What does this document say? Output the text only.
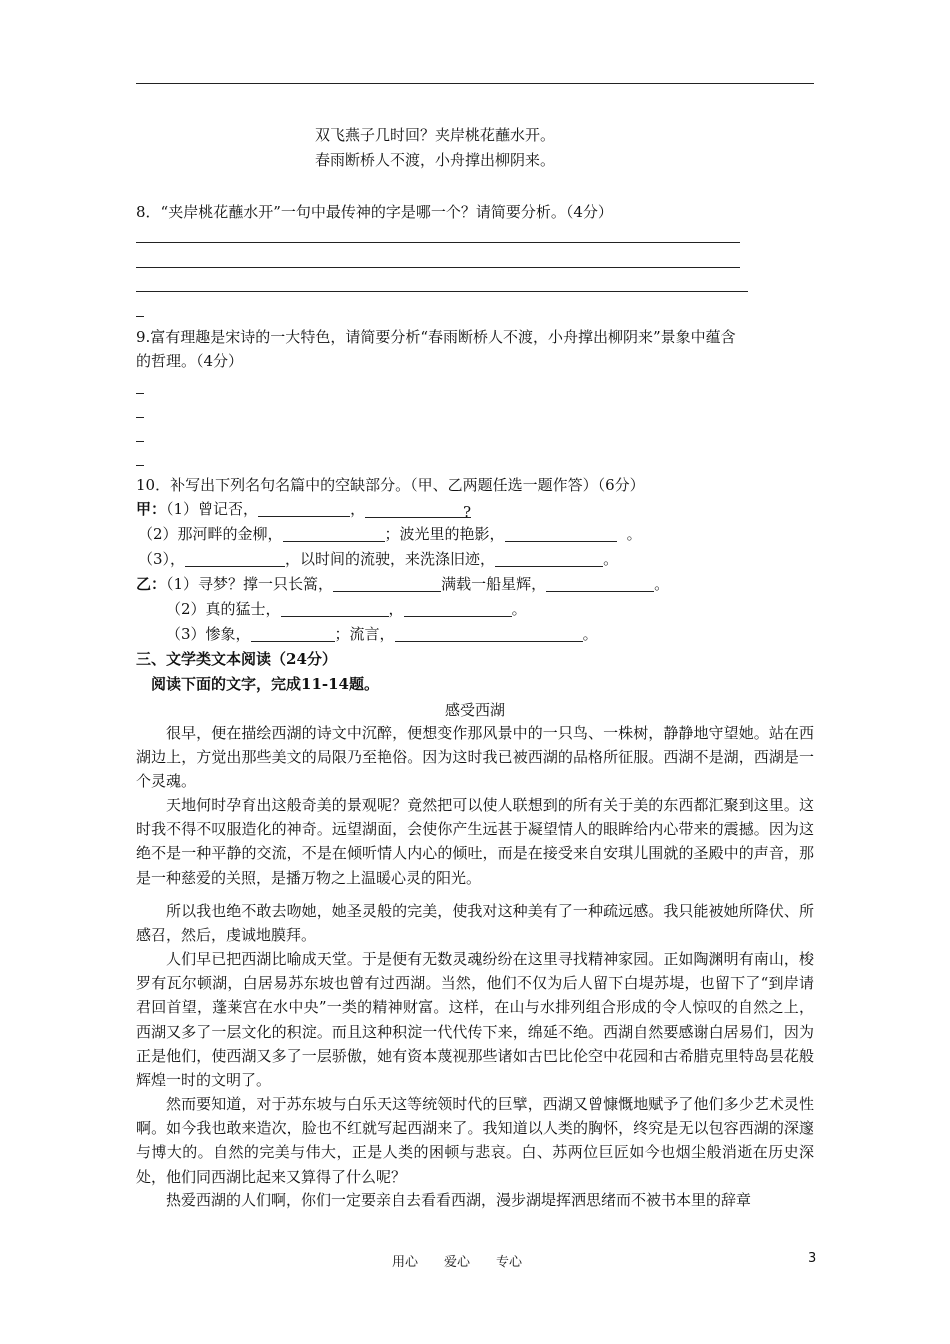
双飞燕子几时回？夹岸桃花蘸水开。
春雨断桥人不渡，小舟撑出柳阴来。
8．“夹岸桃花蘸水开”一句中最传神的字是哪一个？请简要分析。（4分）
9.富有理趣是宋诗的一大特色，请简要分析“春雨断桥人不渡，小舟撑出柳阴来”景象中蕴含
的哲理。（4分）
10．补写出下列名句名篇中的空缺部分。（甲、乙两题任选一题作答）（6分）
甲：（1）曾记否，	，	?
（2）那河畔的金柳，	；波光里的艳影，	。
（3），	，以时间的流驶，来洗涤旧迹，	。
乙：（1）寻梦？撑一只长篙，	满载一船星辉，	。
（2）真的猛士，	，	。
（3）惨象，	；流言，	。
三、文学类文本阅读（24分）
阅读下面的文字，完成11-14题。
感受西湖
很早，便在描绘西湖的诗文中沉醉，便想变作那风景中的一只鸟、一株树，静静地守望她。站在西湖边上，方觉出那些美文的局限乃至艳俗。因为这时我已被西湖的品格所征服。西湖不是湖，西湖是一个灵魂。
天地何时孕育出这般奇美的景观呢？竟然把可以使人联想到的所有关于美的东西都汇聚到这里。这时我不得不叹服造化的神奇。远望湖面，会使你产生远甚于凝望情人的眼眸给内心带来的震撼。因为这绝不是一种平静的交流，不是在倾听情人内心的倾吐，而是在接受来自安琪儿围就的圣殿中的声音，那是一种慈爱的关照，是播万物之上温暖心灵的阳光。
所以我也绝不敢去吻她，她圣灵般的完美，使我对这种美有了一种疏远感。我只能被她所降伏、所感召，然后，虔诚地膜拜。
人们早已把西湖比喻成天堂。于是便有无数灵魂纷纷在这里寻找精神家园。正如陶渊明有南山，梭罗有瓦尔顿湖，白居易苏东坡也曾有过西湖。当然，他们不仅为后人留下白堤苏堤，也留下了“到岸请君回首望，蓬莱宫在水中央”一类的精神财富。这样，在山与水排列组合形成的令人惊叹的自然之上，西湖又多了一层文化的积淀。而且这种积淀一代代传下来，绵延不绝。西湖自然要感谢白居易们，因为正是他们，使西湖又多了一层骄傲，她有资本蔑视那些诸如古巴比伦空中花园和古希腊克里特岛昙花般辉煌一时的文明了。
然而要知道，对于苏东坡与白乐天这等统领时代的巨擘，西湖又曾慷慨地赋予了他们多少艺术灵性啊。如今我也敢来造次，脸也不红就写起西湖来了。我知道以人类的胸怀，终究是无以包容西湖的深邃与博大的。自然的完美与伟大，正是人类的困顿与悲哀。白、苏两位巨匠如今也烟尘般消逝在历史深处，他们同西湖比起来又算得了什么呢？
热爱西湖的人们啊，你们一定要亲自去看看西湖，漫步湖堤挥洒思绪而不被书本里的辞章
用心　　爱心　　专心	3
